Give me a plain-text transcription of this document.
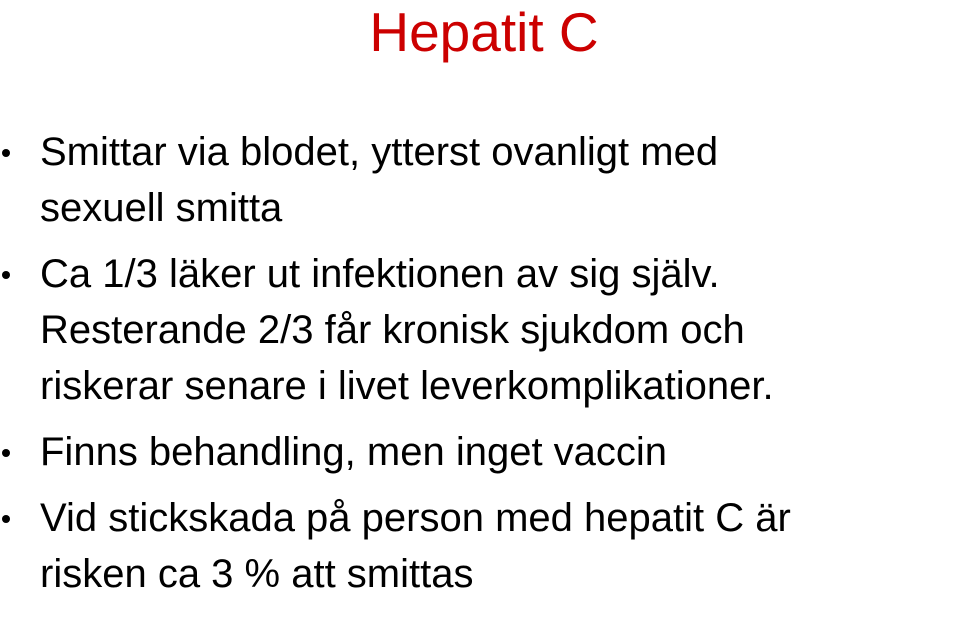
Hepatit C
Smittar via blodet, ytterst ovanligt med
sexuell smitta
Ca 1/3 läker ut infektionen av sig själv.
Resterande 2/3 får kronisk sjukdom och
riskerar senare i livet leverkomplikationer.
Finns behandling, men inget vaccin
Vid stickskada på person med hepatit C är
risken ca 3 % att smittas
